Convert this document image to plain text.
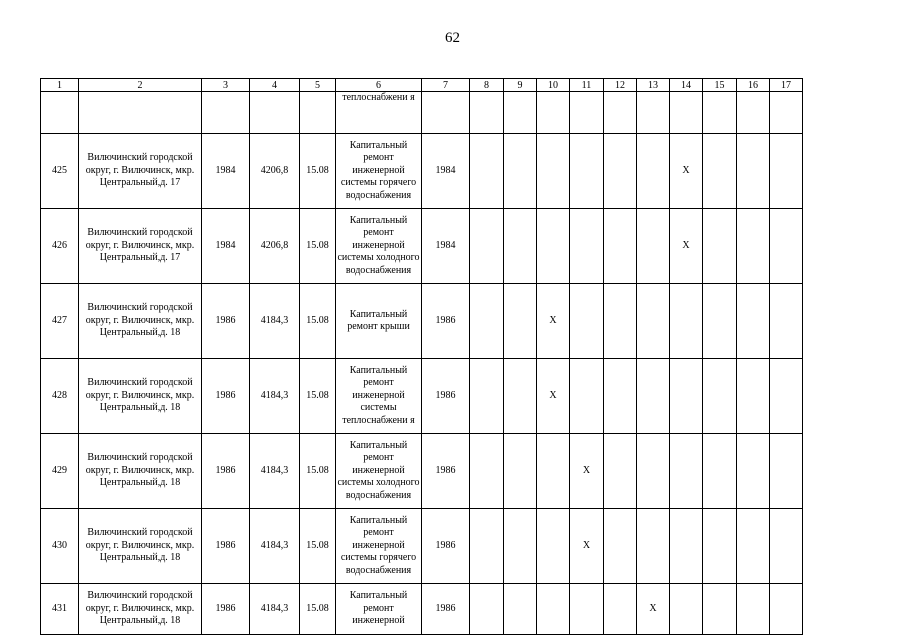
62
1	2	3	4	5	6	7	8	9	10	11	12	13	14	15	16	17
					теплоснабжени я											
425	Вилючинский городской округ, г. Вилючинск, мкр. Центральный,д. 17	1984	4206,8	15.08	Капитальный ремонт инженерной системы горячего водоснабжения	1984							X			
426	Вилючинский городской округ, г. Вилючинск, мкр. Центральный,д. 17	1984	4206,8	15.08	Капитальный ремонт инженерной системы холодного водоснабжения	1984							X			
427	Вилючинский городской округ, г. Вилючинск, мкр. Центральный,д. 18	1986	4184,3	15.08	Капитальный ремонт крыши	1986			X							
428	Вилючинский городской округ, г. Вилючинск, мкр. Центральный,д. 18	1986	4184,3	15.08	Капитальный ремонт инженерной системы теплоснабжени я	1986			X							
429	Вилючинский городской округ, г. Вилючинск, мкр. Центральный,д. 18	1986	4184,3	15.08	Капитальный ремонт инженерной системы холодного водоснабжения	1986				X						
430	Вилючинский городской округ, г. Вилючинск, мкр. Центральный,д. 18	1986	4184,3	15.08	Капитальный ремонт инженерной системы горячего водоснабжения	1986				X						
431	Вилючинский городской округ, г. Вилючинск, мкр. Центральный,д. 18	1986	4184,3	15.08	Капитальный ремонт инженерной	1986						X				
